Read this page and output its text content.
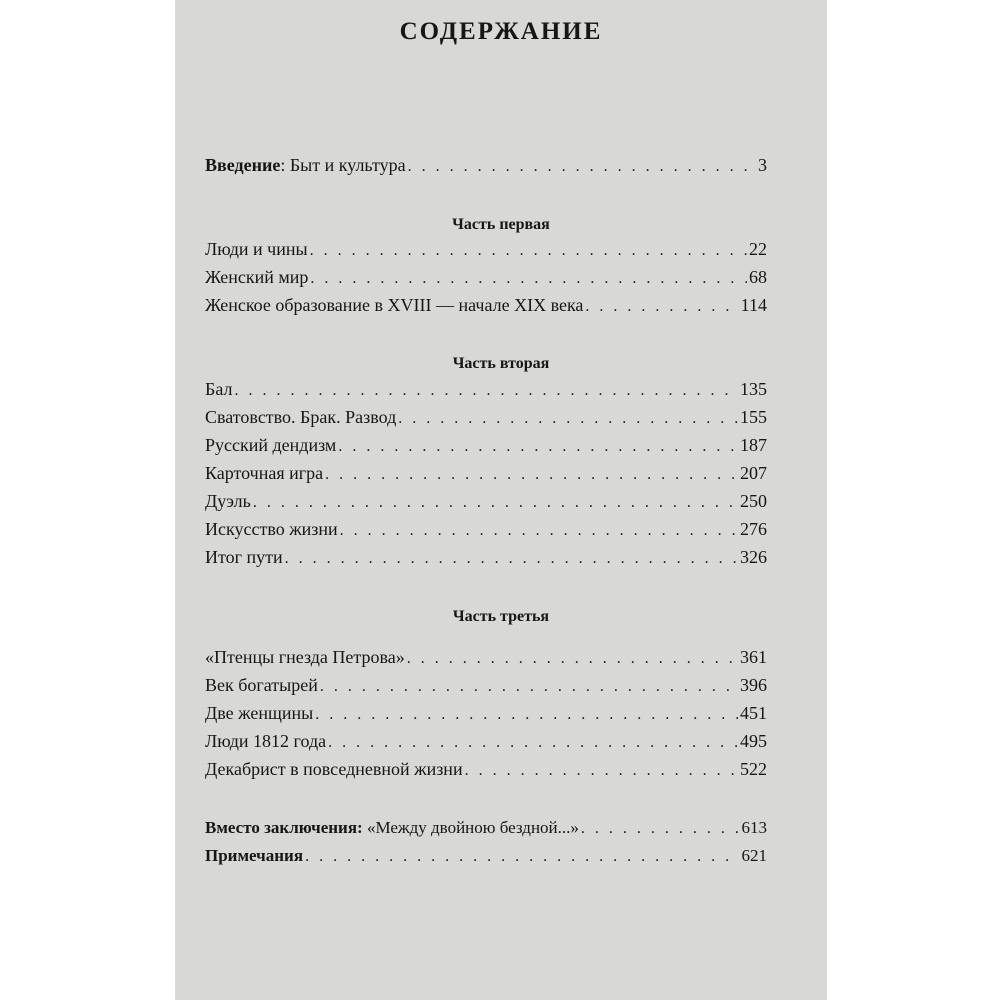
СОДЕРЖАНИЕ
Введение: Быт и культура . . .	3
Часть первая
Люди и чины . . .	22
Женский мир . . .	68
Женское образование в XVIII — начале XIX века . . .	114
Часть вторая
Бал . . .	135
Сватовство. Брак. Развод . . .	155
Русский дендизм . . .	187
Карточная игра . . .	207
Дуэль . . .	250
Искусство жизни . . .	276
Итог пути . . .	326
Часть третья
«Птенцы гнезда Петрова» . . .	361
Век богатырей . . .	396
Две женщины . . .	451
Люди 1812 года . . .	495
Декабрист в повседневной жизни . . .	522
Вместо заключения: «Между двойною бездной...» . . .	613
Примечания . . .	621
